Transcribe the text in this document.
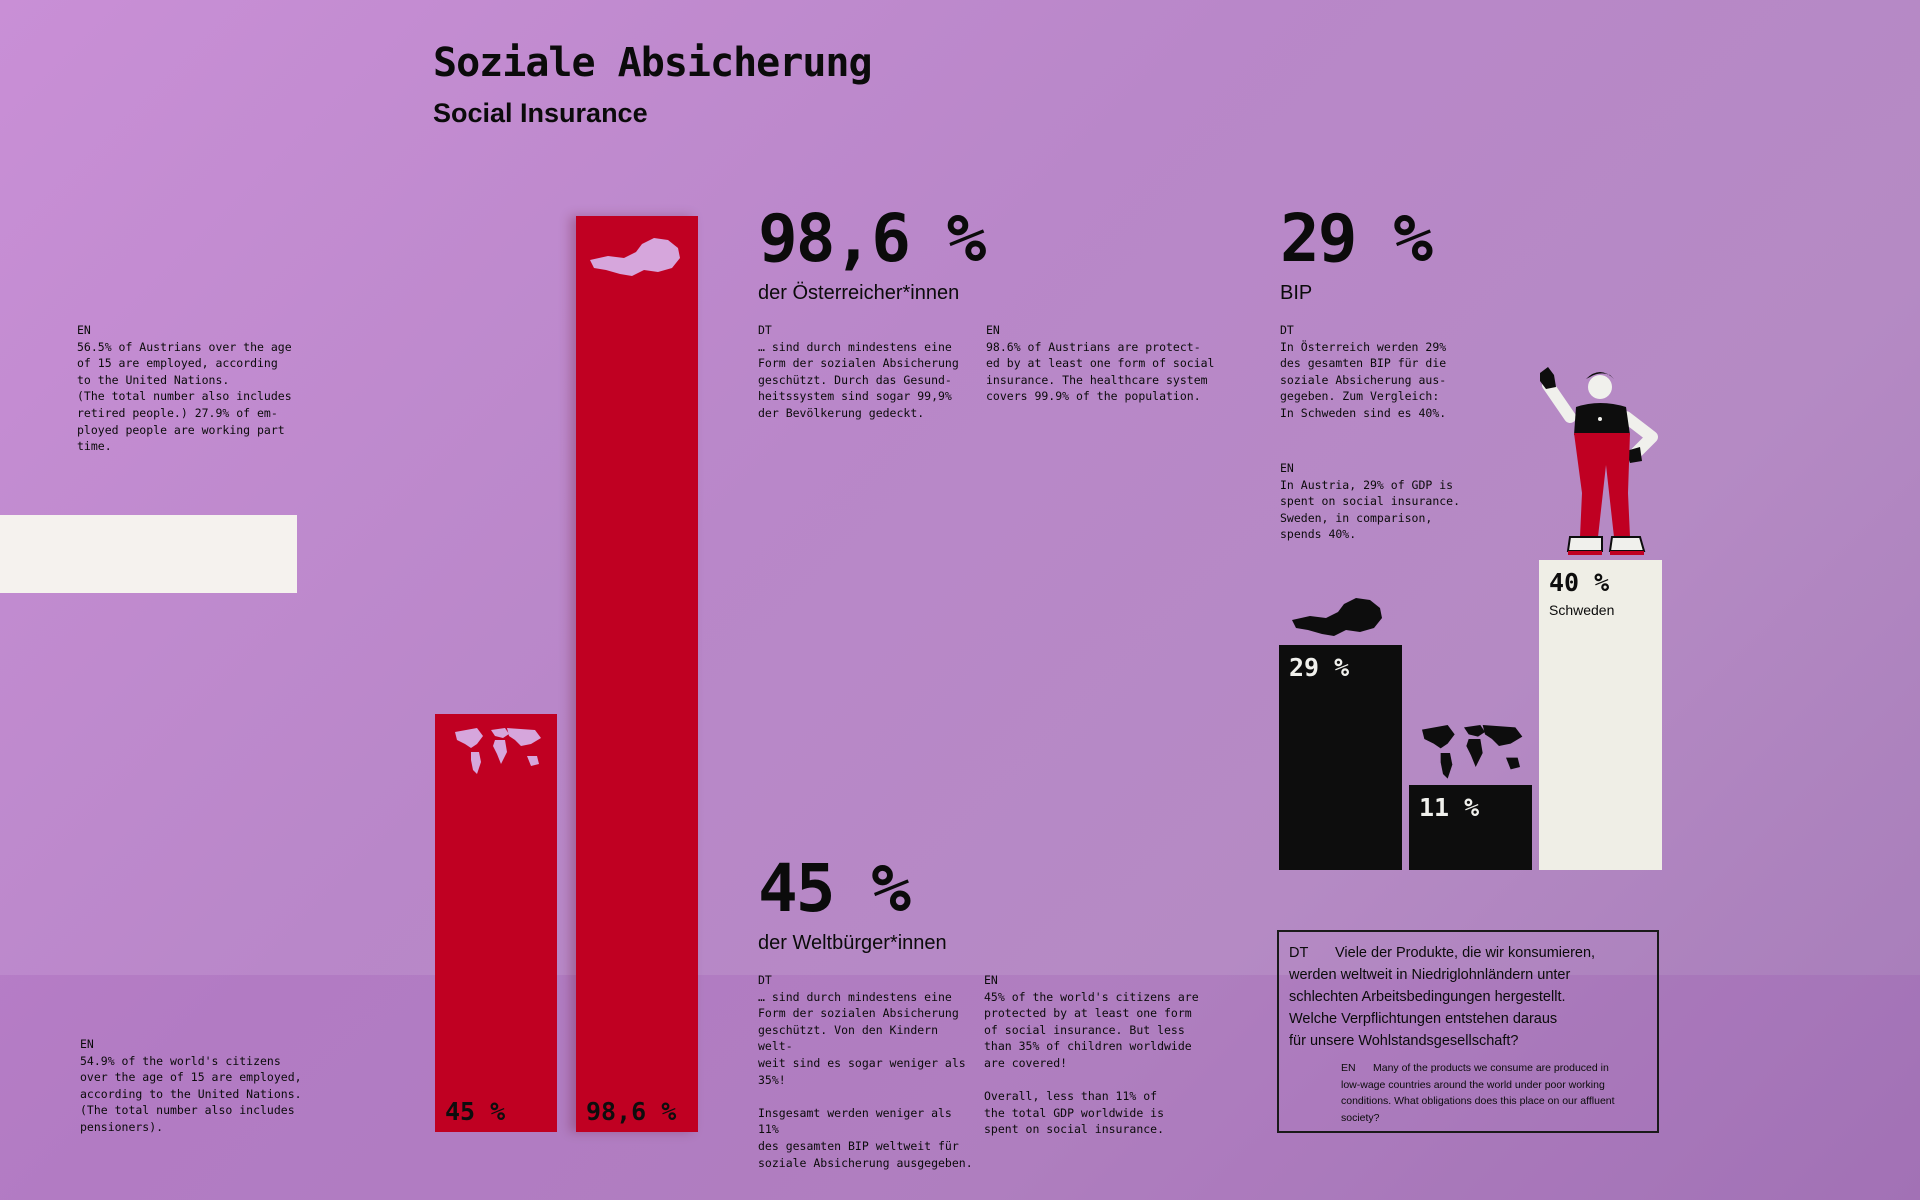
Soziale Absicherung
Social Insurance
EN
56.5% of Austrians over the age
of 15 are employed, according
to the United Nations.
(The total number also includes
retired people.) 27.9% of em-
ployed people are working part
time.
EN
54.9% of the world's citizens
over the age of 15 are employed,
according to the United Nations.
(The total number also includes
pensioners).
45 %	98,6 %
98,6 %
der Österreicher*innen
DT
… sind durch mindestens eine
Form der sozialen Absicherung
geschützt. Durch das Gesund-
heitssystem sind sogar 99,9%
der Bevölkerung gedeckt.
EN
98.6% of Austrians are protect-
ed by at least one form of social
insurance. The healthcare system
covers 99.9% of the population.
45 %
der Weltbürger*innen
DT
… sind durch mindestens eine
Form der sozialen Absicherung
geschützt. Von den Kindern welt-
weit sind es sogar weniger als
35%!

Insgesamt werden weniger als 11%
des gesamten BIP weltweit für
soziale Absicherung ausgegeben.
EN
45% of the world's citizens are
protected by at least one form
of social insurance. But less
than 35% of children worldwide
are covered!

Overall, less than 11% of
the total GDP worldwide is
spent on social insurance.
29 %
BIP
DT
In Österreich werden 29%
des gesamten BIP für die
soziale Absicherung aus-
gegeben. Zum Vergleich:
In Schweden sind es 40%.
EN
In Austria, 29% of GDP is
spent on social insurance.
Sweden, in comparison,
spends 40%.
29 %
11 %
40 %
Schweden
DT	Viele der Produkte, die wir konsumieren,
werden weltweit in Niedriglohnländern unter
schlechten Arbeitsbedingungen hergestellt.
Welche Verpflichtungen entstehen daraus
für unsere Wohlstandsgesellschaft?
EN	Many of the products we consume are produced in
low-wage countries around the world under poor working
conditions. What obligations does this place on our affluent
society?
